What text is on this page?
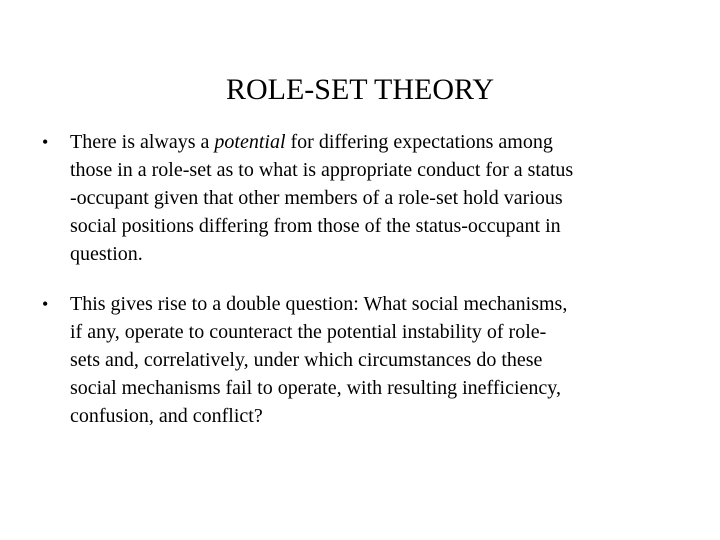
ROLE-SET THEORY
• There is always a potential for differing expectations among
those in a role-set as to what is appropriate conduct for a status
-occupant given that other members of a role-set hold various
social positions differing from those of the status-occupant in
question.
• This gives rise to a double question: What social mechanisms,
if any, operate to counteract the potential instability of role-
sets and, correlatively, under which circumstances do these
social mechanisms fail to operate, with resulting inefficiency,
confusion, and conflict?
